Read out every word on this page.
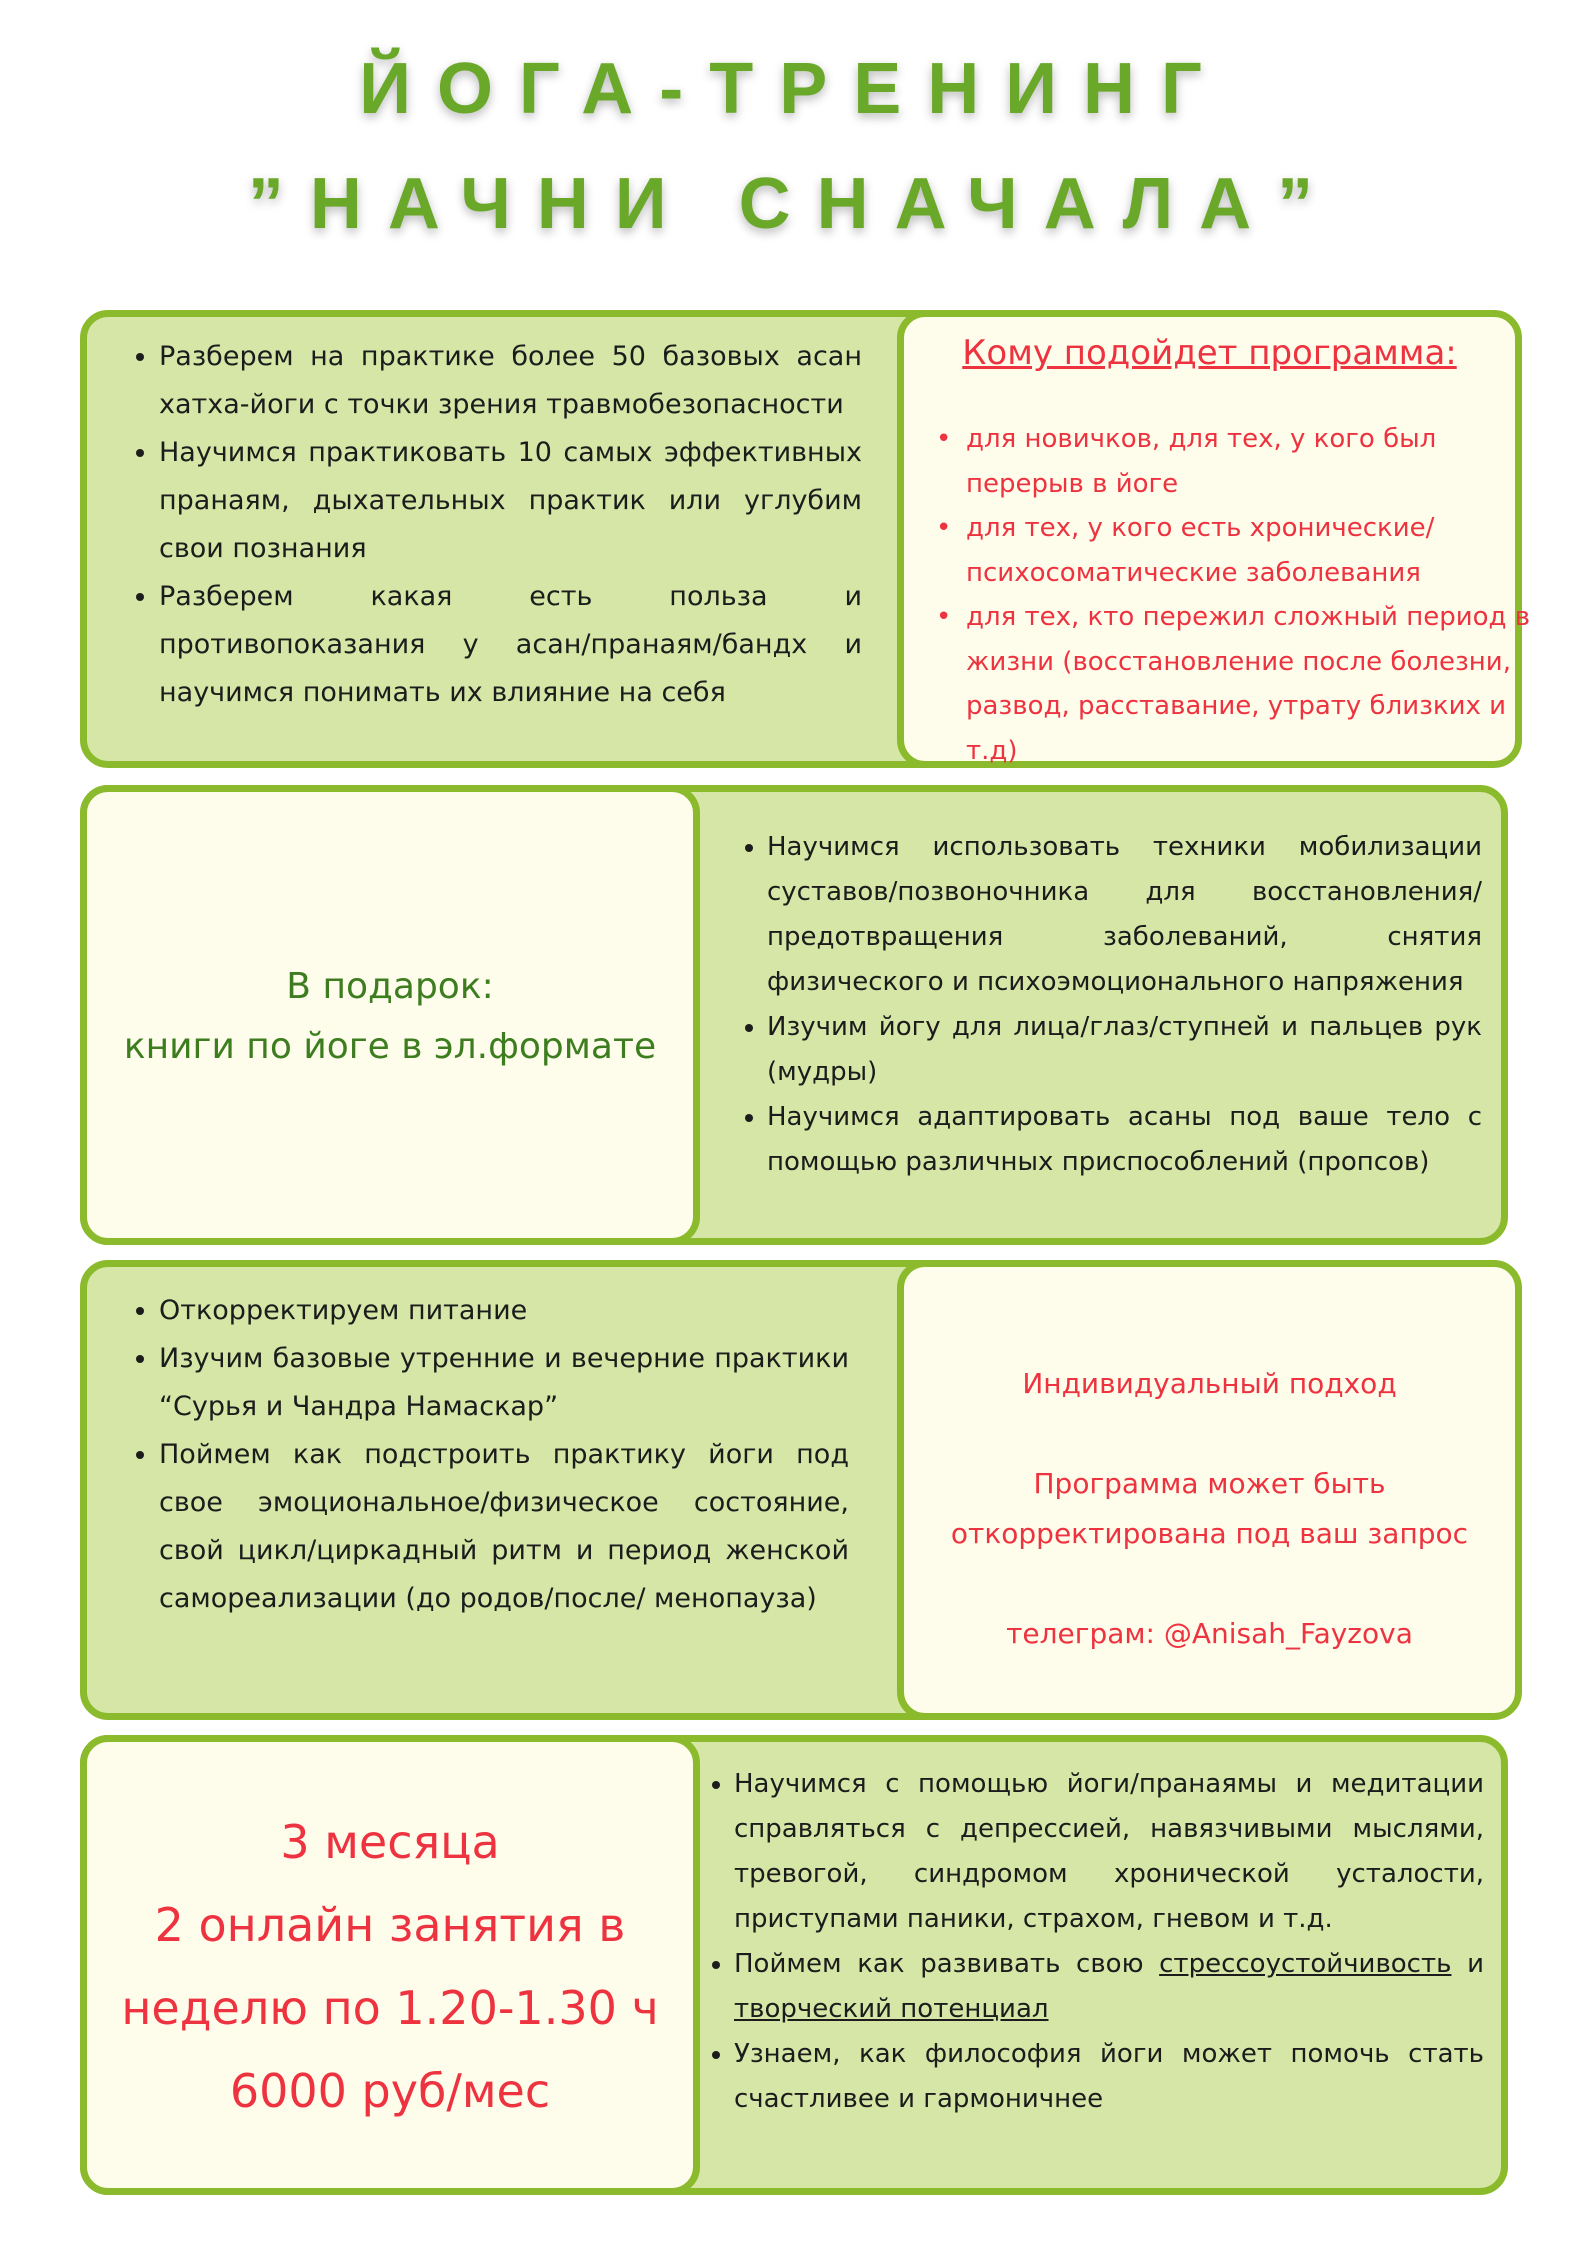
ЙОГА-ТРЕНИНГ
”НАЧНИ СНАЧАЛА”
• Разберем на практике более 50 базовых асан хатха-йоги с точки зрения травмобезопасности
• Научимся практиковать 10 самых эффективных пранаям, дыхательных практик или углубим свои познания
• Разберем какая есть польза и противопоказания у асан/пранаям/бандх и научимся понимать их влияние на себя
Кому подойдет программа:
• для новичков, для тех, у кого был перерыв в йоге
• для тех, у кого есть хронические/ психосоматические заболевания
• для тех, кто пережил сложный период в жизни (восстановление после болезни, развод, расставание, утрату близких и т.д)
В подарок:
книги по йоге в эл.формате
• Научимся использовать техники мобилизации суставов/позвоночника для восстановления/ предотвращения заболеваний, снятия физического и психоэмоционального напряжения
• Изучим йогу для лица/глаз/ступней и пальцев рук (мудры)
• Научимся адаптировать асаны под ваше тело с помощью различных приспособлений (пропсов)
• Откорректируем питание
• Изучим базовые утренние и вечерние практики “Сурья и Чандра Намаскар”
• Поймем как подстроить практику йоги под свое эмоциональное/физическое состояние, свой цикл/циркадный ритм и период женской самореализации (до родов/после/ менопауза)
Индивидуальный подход
Программа может быть
откорректирована под ваш запрос
телеграм: @Anisah_Fayzova
3 месяца
2 онлайн занятия в
неделю по 1.20-1.30 ч
6000 руб/мес
• Научимся с помощью йоги/пранаямы и медитации справляться с депрессией, навязчивыми мыслями, тревогой, синдромом хронической усталости, приступами паники, страхом, гневом и т.д.
• Поймем как развивать свою стрессоустойчивость и творческий потенциал
• Узнаем, как философия йоги может помочь стать счастливее и гармоничнее
